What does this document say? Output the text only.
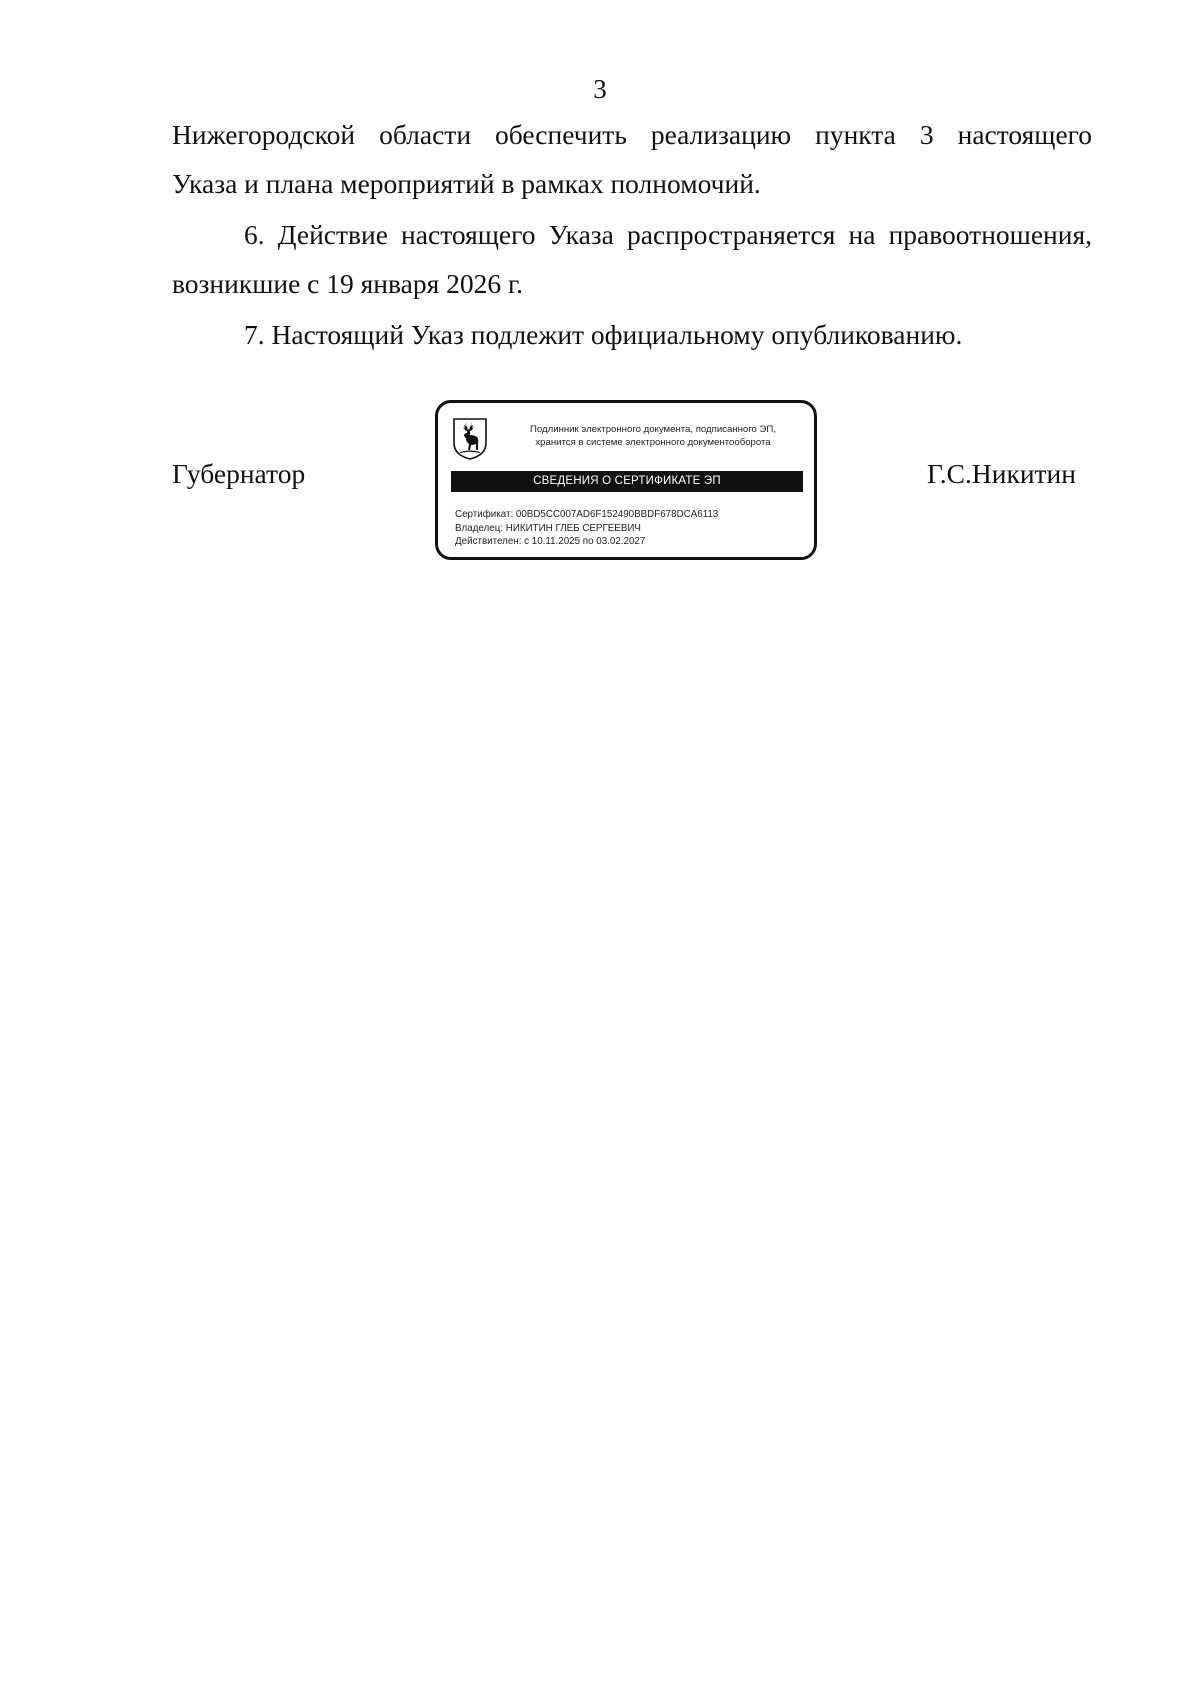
3

Нижегородской области обеспечить реализацию пункта 3 настоящего
Указа и плана мероприятий в рамках полномочий.

6. Действие настоящего Указа распространяется на правоотношения,
возникшие с 19 января 2026 г.

7. Настоящий Указ подлежит официальному опубликованию.

Губернатор	Г.С.Никитин
Подлинник электронного документа, подписанного ЭП,
хранится в системе электронного документооборота
СВЕДЕНИЯ О СЕРТИФИКАТЕ ЭП
Сертификат: 00BD5CC007AD6F152490BBDF678DCA6113
Владелец: НИКИТИН ГЛЕБ СЕРГЕЕВИЧ
Действителен: с 10.11.2025 по 03.02.2027
